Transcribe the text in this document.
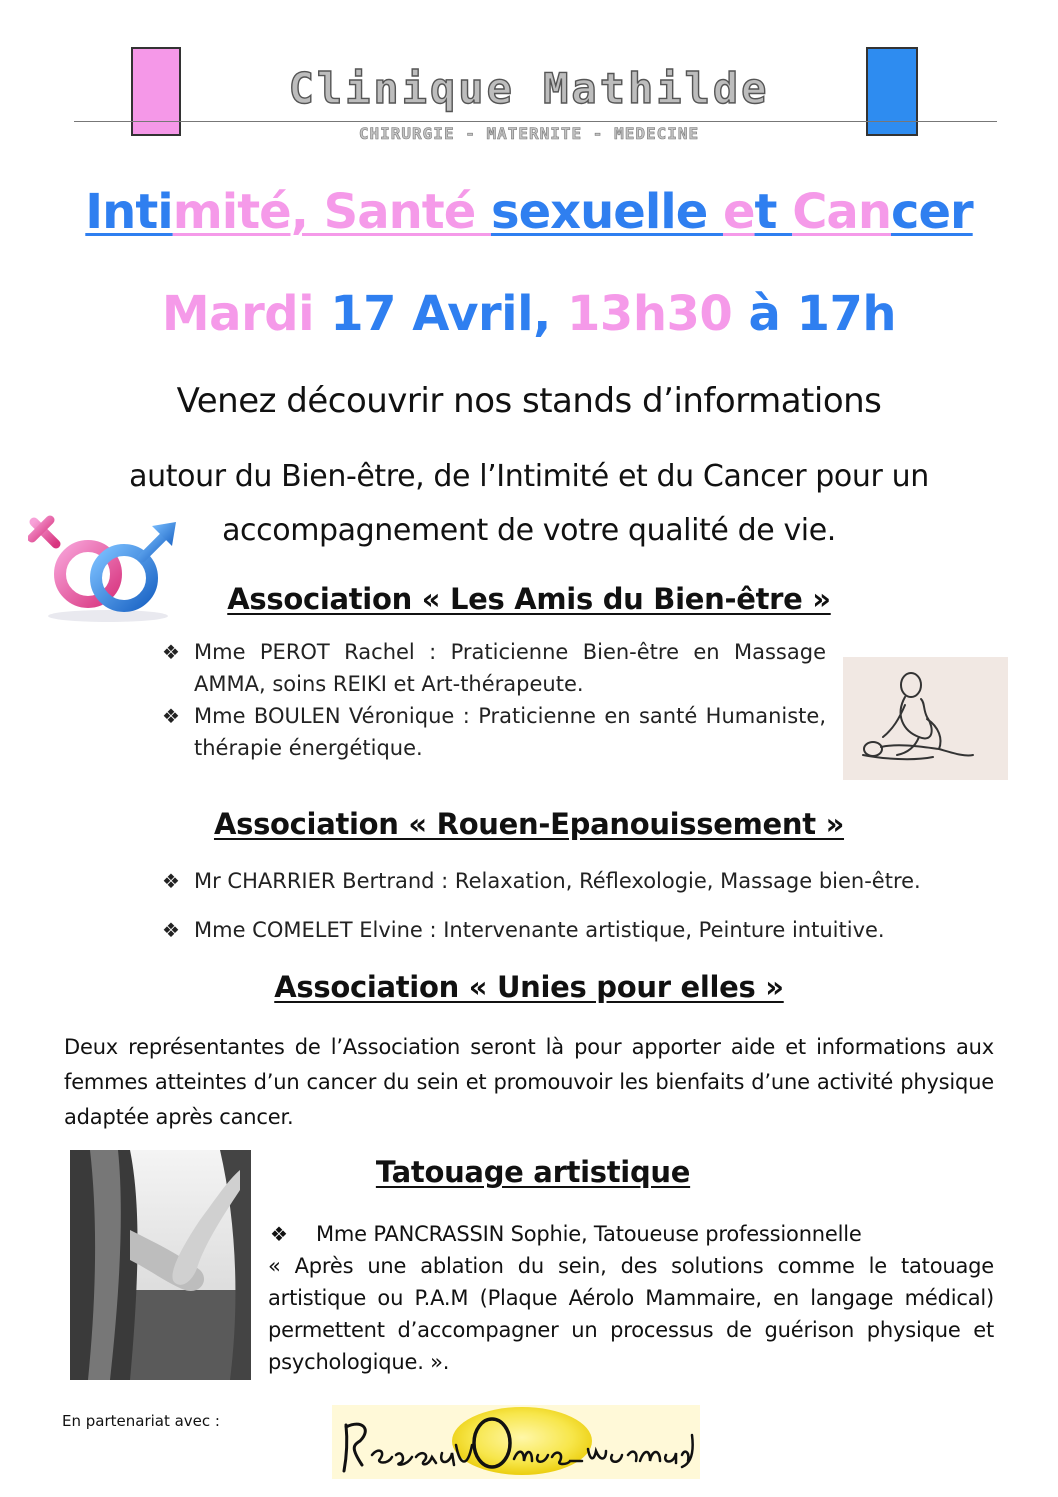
Clinique Mathilde
CHIRURGIE - MATERNITE - MEDECINE
Intimité, Santé sexuelle et Cancer
Mardi 17 Avril, 13h30 à 17h
Venez découvrir nos stands d’informations
autour du Bien-être, de l’Intimité et du Cancer pour un accompagnement de votre qualité de vie.
Association « Les Amis du Bien-être »
❖ Mme PEROT Rachel : Praticienne Bien-être en Massage AMMA, soins REIKI et Art-thérapeute.
❖ Mme BOULEN Véronique : Praticienne en santé Humaniste, thérapie énergétique.
Association « Rouen-Epanouissement »
❖ Mr CHARRIER Bertrand : Relaxation, Réflexologie, Massage bien-être.
❖ Mme COMELET Elvine : Intervenante artistique, Peinture intuitive.
Association « Unies pour elles »
Deux représentantes de l’Association seront là pour apporter aide et informations aux femmes atteintes d’un cancer du sein et promouvoir les bienfaits d’une activité physique adaptée après cancer.
Tatouage artistique
❖ Mme PANCRASSIN Sophie, Tatoueuse professionnelle
« Après une ablation du sein, des solutions comme le tatouage artistique ou P.A.M (Plaque Aérolo Mammaire, en langage médical) permettent d’accompagner un processus de guérison physique et psychologique. ».
En partenariat avec :
